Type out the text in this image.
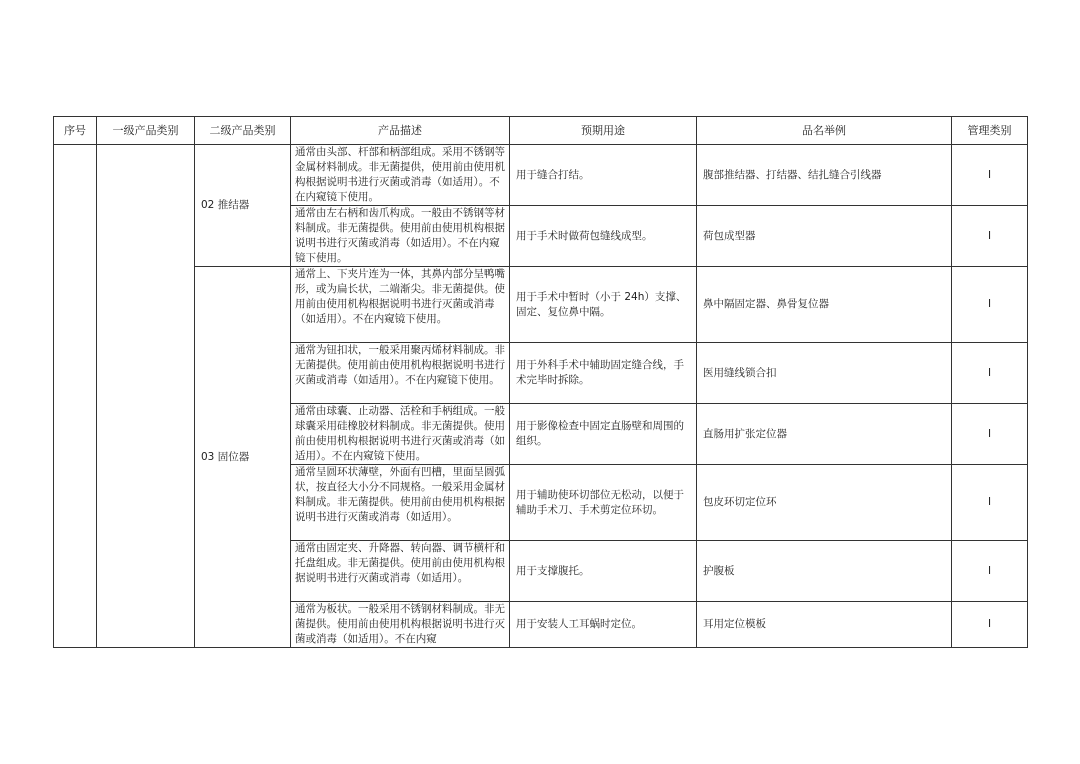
序号	一级产品类别	二级产品类别	产品描述	预期用途	品名举例	管理类别
		02 推结器	通常由头部、杆部和柄部组成。采用不锈钢等金属材料制成。非无菌提供，使用前由使用机构根据说明书进行灭菌或消毒（如适用）。不在内窥镜下使用。	用于缝合打结。	腹部推结器、打结器、结扎缝合引线器	I

			通常由左右柄和齿爪构成。一般由不锈钢等材料制成。非无菌提供。使用前由使用机构根据说明书进行灭菌或消毒（如适用）。不在内窥镜下使用。	用于手术时做荷包缝线成型。	荷包成型器	I
		03 固位器	通常上、下夹片连为一体，其鼻内部分呈鸭嘴形，或为扁长状，二端渐尖。非无菌提供。使用前由使用机构根据说明书进行灭菌或消毒（如适用）。不在内窥镜下使用。	用于手术中暂时（小于 24h）支撑、固定、复位鼻中隔。	鼻中隔固定器、鼻骨复位器	I

			通常为钮扣状，一般采用聚丙烯材料制成。非无菌提供。使用前由使用机构根据说明书进行灭菌或消毒（如适用）。不在内窥镜下使用。	用于外科手术中辅助固定缝合线，手术完毕时拆除。	医用缝线锁合扣	I

			通常由球囊、止动器、活栓和手柄组成。一般球囊采用硅橡胶材料制成。非无菌提供。使用前由使用机构根据说明书进行灭菌或消毒（如适用）。不在内窥镜下使用。	用于影像检查中固定直肠壁和周围的组织。	直肠用扩张定位器	I

			通常呈圆环状薄壁，外面有凹槽，里面呈圆弧状，按直径大小分不同规格。一般采用金属材料制成。非无菌提供。使用前由使用机构根据说明书进行灭菌或消毒（如适用）。	用于辅助使环切部位无松动，以便于辅助手术刀、手术剪定位环切。	包皮环切定位环	I

			通常由固定夹、升降器、转向器、调节横杆和托盘组成。非无菌提供。使用前由使用机构根据说明书进行灭菌或消毒（如适用）。	用于支撑腹托。	护腹板	I

			通常为板状。一般采用不锈钢材料制成。非无菌提供。使用前由使用机构根据说明书进行灭菌或消毒（如适用）。不在内窥	用于安装人工耳蜗时定位。	耳用定位模板	I
